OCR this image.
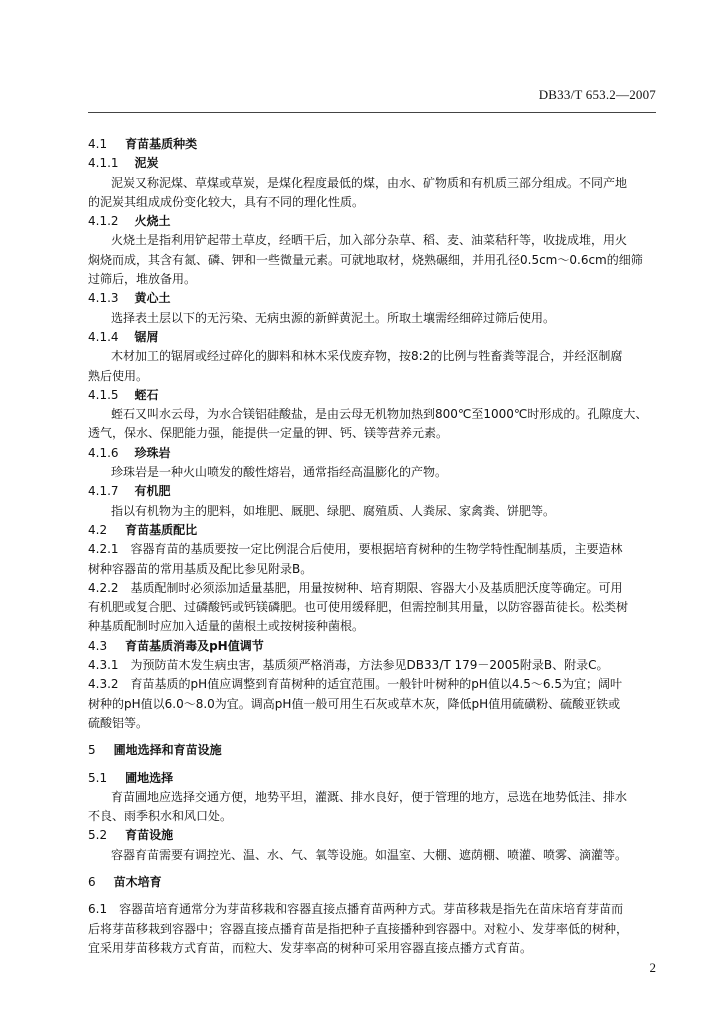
DB33/T 653.2—2007
4.1 育苗基质种类
4.1.1 泥炭
泥炭又称泥煤、草煤或草炭，是煤化程度最低的煤，由水、矿物质和有机质三部分组成。不同产地
的泥炭其组成成份变化较大，具有不同的理化性质。
4.1.2 火烧土
火烧土是指利用铲起带土草皮，经晒干后，加入部分杂草、稻、麦、油菜秸秆等，收拢成堆，用火
焖烧而成，其含有氮、磷、钾和一些微量元素。可就地取材，烧熟碾细，并用孔径0.5cm～0.6cm的细筛
过筛后，堆放备用。
4.1.3 黄心土
选择表土层以下的无污染、无病虫源的新鲜黄泥土。所取土壤需经细碎过筛后使用。
4.1.4 锯屑
木材加工的锯屑或经过碎化的脚料和林木采伐废弃物，按8:2的比例与牲畜粪等混合，并经沤制腐
熟后使用。
4.1.5 蛭石
蛭石又叫水云母，为水合镁铝硅酸盐，是由云母无机物加热到800℃至1000℃时形成的。孔隙度大、
透气，保水、保肥能力强，能提供一定量的钾、钙、镁等营养元素。
4.1.6 珍珠岩
珍珠岩是一种火山喷发的酸性熔岩，通常指经高温膨化的产物。
4.1.7 有机肥
指以有机物为主的肥料，如堆肥、厩肥、绿肥、腐殖质、人粪尿、家禽粪、饼肥等。
4.2 育苗基质配比
4.2.1 容器育苗的基质要按一定比例混合后使用，要根据培育树种的生物学特性配制基质，主要造林
树种容器苗的常用基质及配比参见附录B。
4.2.2 基质配制时必须添加适量基肥，用量按树种、培育期限、容器大小及基质肥沃度等确定。可用
有机肥或复合肥、过磷酸钙或钙镁磷肥。也可使用缓释肥，但需控制其用量，以防容器苗徒长。松类树
种基质配制时应加入适量的菌根土或按树接种菌根。
4.3 育苗基质消毒及pH值调节
4.3.1 为预防苗木发生病虫害，基质须严格消毒，方法参见DB33/T 179－2005附录B、附录C。
4.3.2 育苗基质的pH值应调整到育苗树种的适宜范围。一般针叶树种的pH值以4.5～6.5为宜；阔叶
树种的pH值以6.0～8.0为宜。调高pH值一般可用生石灰或草木灰，降低pH值用硫磺粉、硫酸亚铁或
硫酸铝等。
5 圃地选择和育苗设施
5.1 圃地选择
育苗圃地应选择交通方便，地势平坦，灌溉、排水良好，便于管理的地方，忌选在地势低洼、排水
不良、雨季积水和风口处。
5.2 育苗设施
容器育苗需要有调控光、温、水、气、氧等设施。如温室、大棚、遮荫棚、喷灌、喷雾、滴灌等。
6 苗木培育
6.1 容器苗培育通常分为芽苗移栽和容器直接点播育苗两种方式。芽苗移栽是指先在苗床培育芽苗而
后将芽苗移栽到容器中；容器直接点播育苗是指把种子直接播种到容器中。对粒小、发芽率低的树种，
宜采用芽苗移栽方式育苗，而粒大、发芽率高的树种可采用容器直接点播方式育苗。
2
